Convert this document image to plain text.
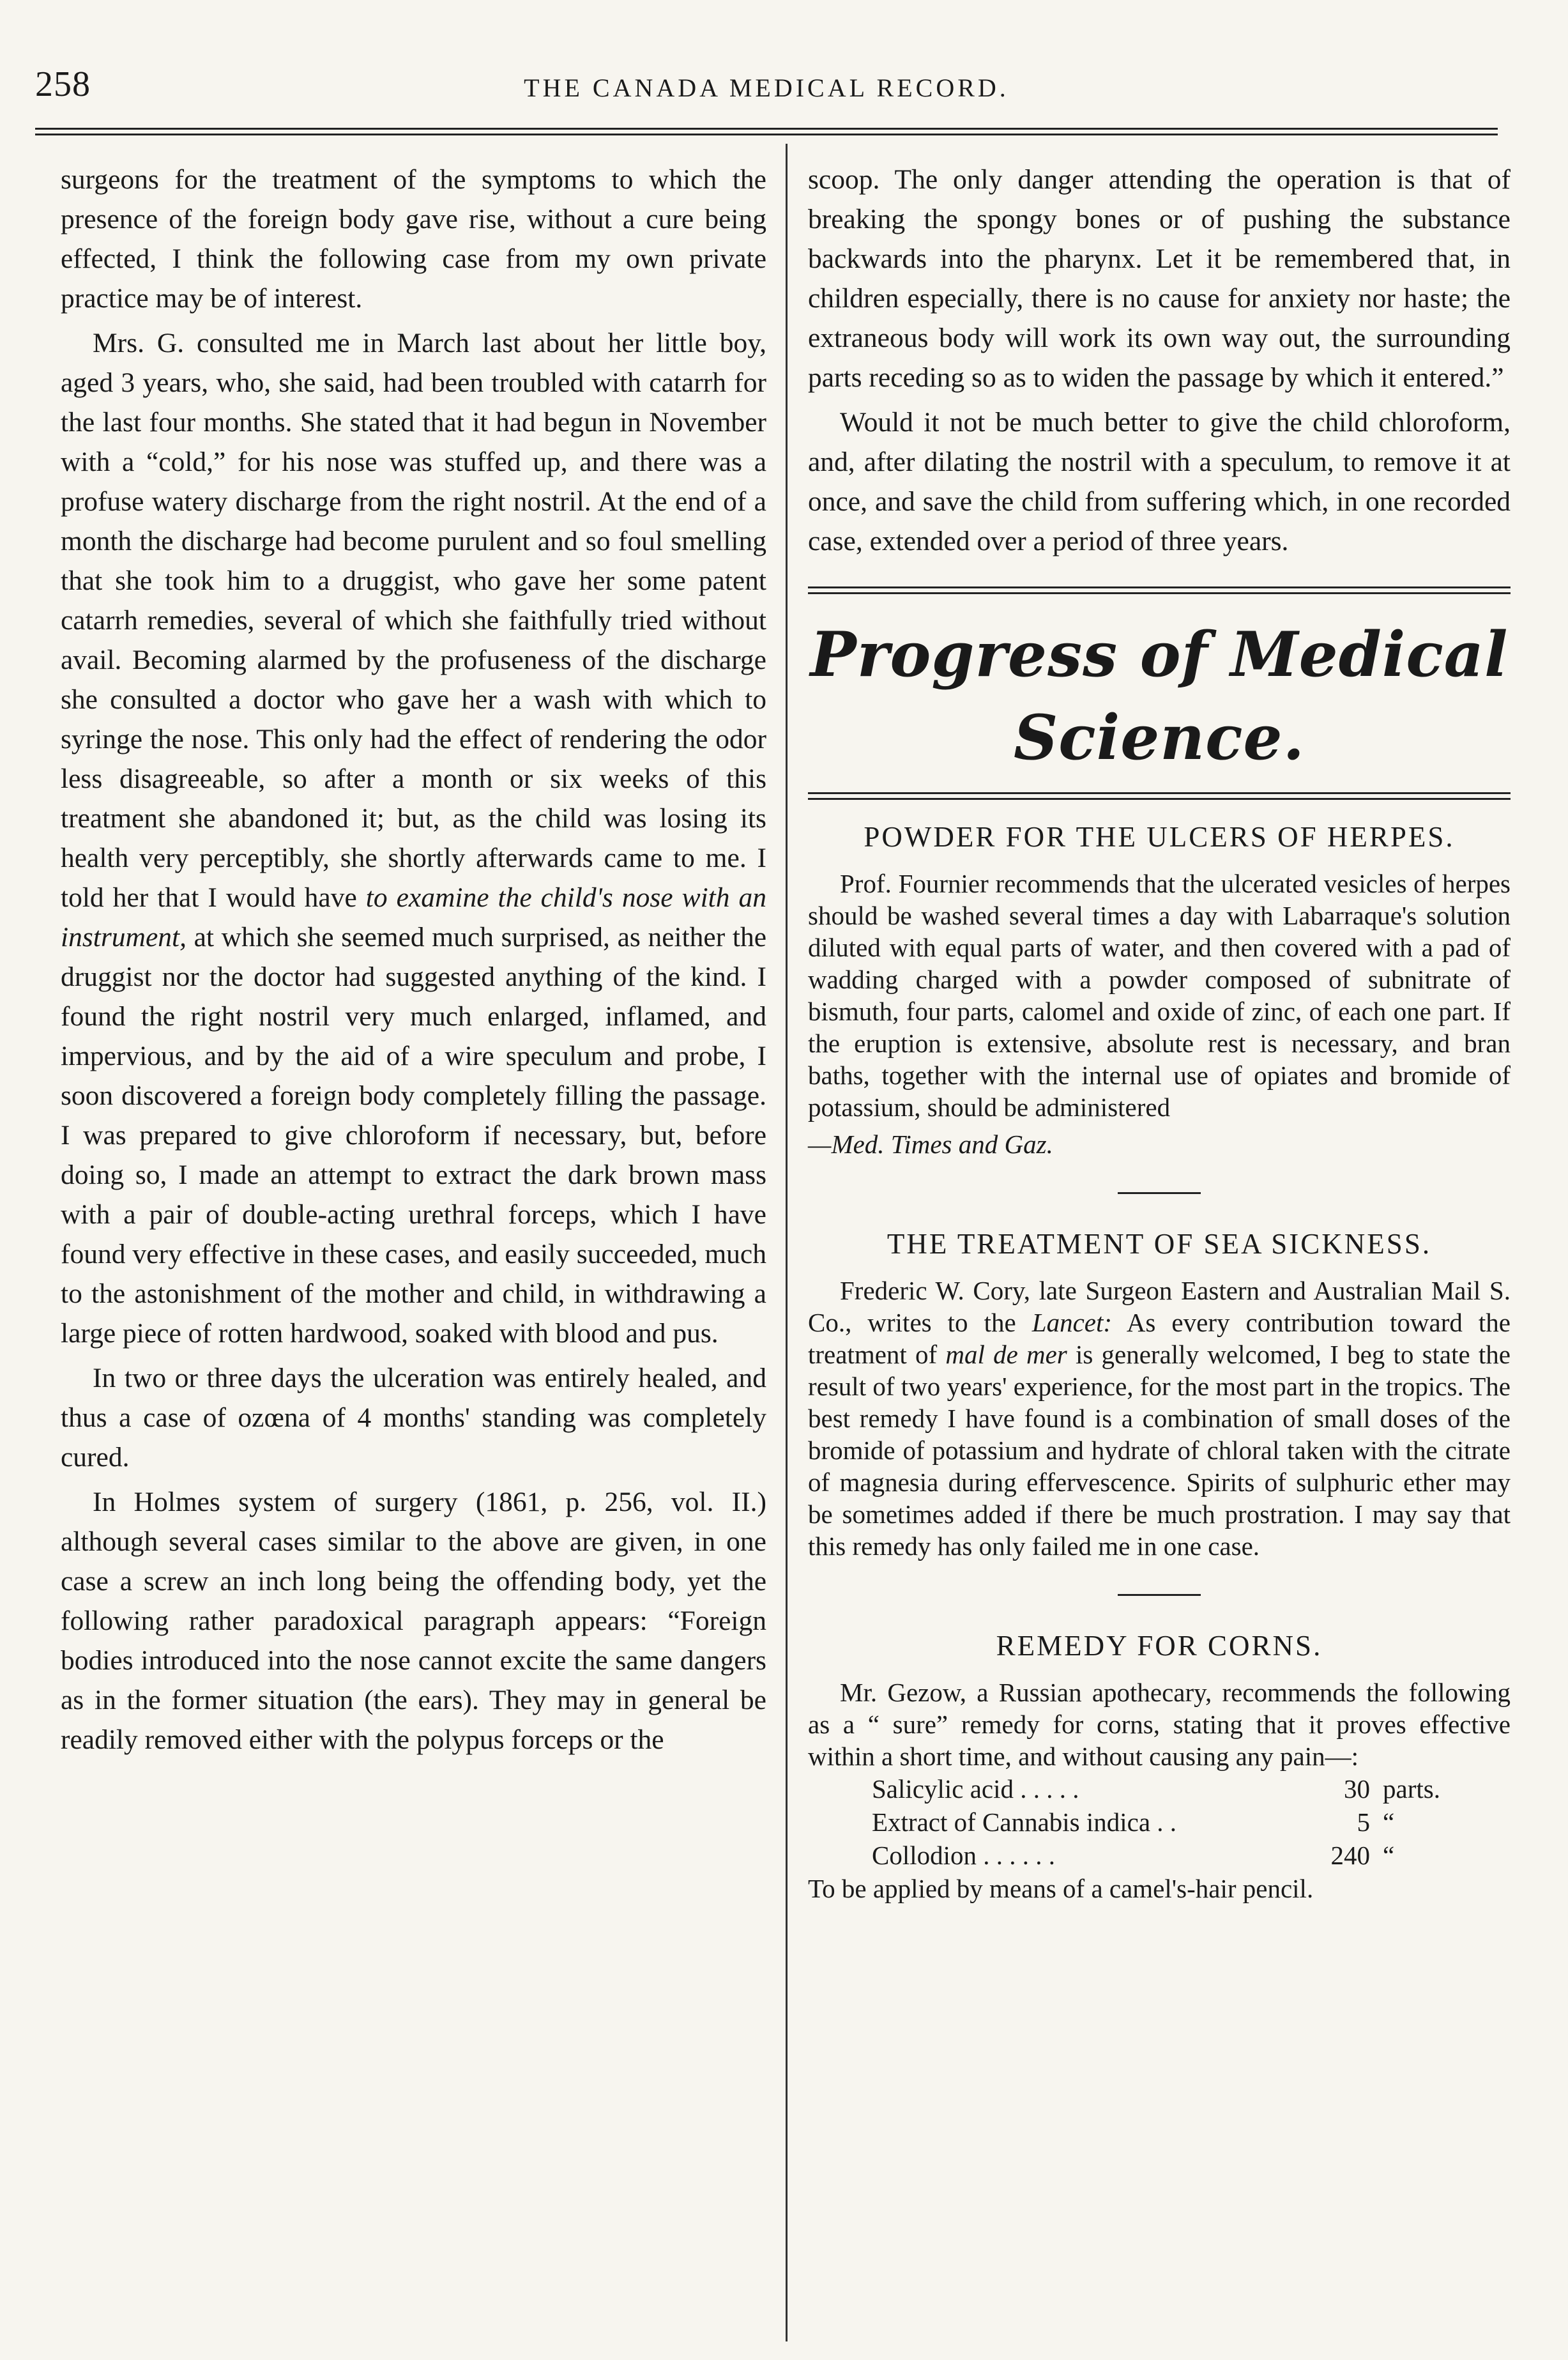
258	THE CANADA MEDICAL RECORD.

surgeons for the treatment of the symptoms to which the presence of the foreign body gave rise, without a cure being effected, I think the following case from my own private practice may be of interest.

Mrs. G. consulted me in March last about her little boy, aged 3 years, who, she said, had been troubled with catarrh for the last four months. She stated that it had begun in November with a “cold,” for his nose was stuffed up, and there was a profuse watery discharge from the right nostril. At the end of a month the discharge had become purulent and so foul smelling that she took him to a druggist, who gave her some patent catarrh remedies, several of which she faithfully tried without avail. Becoming alarmed by the profuseness of the discharge she consulted a doctor who gave her a wash with which to syringe the nose. This only had the effect of rendering the odor less disagreeable, so after a month or six weeks of this treatment she abandoned it; but, as the child was losing its health very perceptibly, she shortly afterwards came to me. I told her that I would have to examine the child's nose with an instrument, at which she seemed much surprised, as neither the druggist nor the doctor had suggested anything of the kind. I found the right nostril very much enlarged, inflamed, and impervious, and by the aid of a wire speculum and probe, I soon discovered a foreign body completely filling the passage. I was prepared to give chloroform if necessary, but, before doing so, I made an attempt to extract the dark brown mass with a pair of double-acting urethral forceps, which I have found very effective in these cases, and easily succeeded, much to the astonishment of the mother and child, in withdrawing a large piece of rotten hardwood, soaked with blood and pus.

In two or three days the ulceration was entirely healed, and thus a case of ozœna of 4 months' standing was completely cured.

In Holmes system of surgery (1861, p. 256, vol. II.) although several cases similar to the above are given, in one case a screw an inch long being the offending body, yet the following rather paradoxical paragraph appears: “Foreign bodies introduced into the nose cannot excite the same dangers as in the former situation (the ears). They may in general be readily removed either with the polypus forceps or the

scoop. The only danger attending the operation is that of breaking the spongy bones or of pushing the substance backwards into the pharynx. Let it be remembered that, in children especially, there is no cause for anxiety nor haste; the extraneous body will work its own way out, the surrounding parts receding so as to widen the passage by which it entered.”

Would it not be much better to give the child chloroform, and, after dilating the nostril with a speculum, to remove it at once, and save the child from suffering which, in one recorded case, extended over a period of three years.

Progress of Medical Science.
POWDER FOR THE ULCERS OF HERPES.

Prof. Fournier recommends that the ulcerated vesicles of herpes should be washed several times a day with Labarraque's solution diluted with equal parts of water, and then covered with a pad of wadding charged with a powder composed of subnitrate of bismuth, four parts, calomel and oxide of zinc, of each one part. If the eruption is extensive, absolute rest is necessary, and bran baths, together with the internal use of opiates and bromide of potassium, should be administered

—Med. Times and Gaz.

THE TREATMENT OF SEA SICKNESS.

Frederic W. Cory, late Surgeon Eastern and Australian Mail S. Co., writes to the Lancet: As every contribution toward the treatment of mal de mer is generally welcomed, I beg to state the result of two years' experience, for the most part in the tropics. The best remedy I have found is a combination of small doses of the bromide of potassium and hydrate of chloral taken with the citrate of magnesia during effervescence. Spirits of sulphuric ether may be sometimes added if there be much prostration. I may say that this remedy has only failed me in one case.

REMEDY FOR CORNS.

Mr. Gezow, a Russian apothecary, recommends the following as a “ sure” remedy for corns, stating that it proves effective within a short time, and without causing any pain—:

Salicylic acid . . . . .	30 parts.
Extract of Cannabis indica . .	5 “
Collodion . . . . . .	240 “
To be applied by means of a camel's-hair pencil.
